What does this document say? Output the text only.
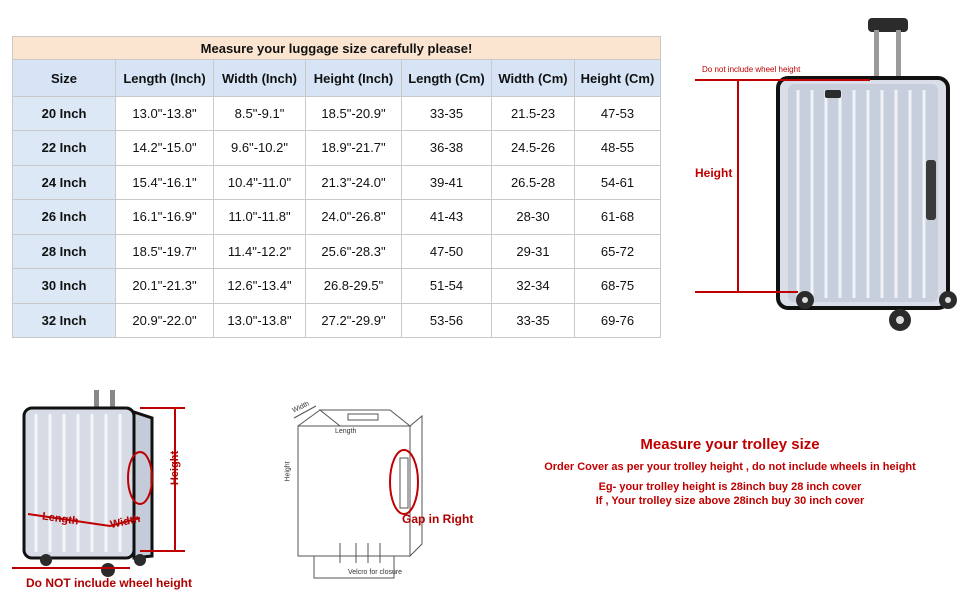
Measure your luggage size carefully please!						
Size	Length (Inch)	Width (Inch)	Height (Inch)	Length (Cm)	Width (Cm)	Height (Cm)
20 Inch	13.0"-13.8"	8.5"-9.1"	18.5"-20.9"	33-35	21.5-23	47-53
22 Inch	14.2"-15.0"	9.6"-10.2"	18.9"-21.7"	36-38	24.5-26	48-55
24 Inch	15.4"-16.1"	10.4"-11.0"	21.3"-24.0"	39-41	26.5-28	54-61
26 Inch	16.1"-16.9"	11.0"-11.8"	24.0"-26.8"	41-43	28-30	61-68
28 Inch	18.5"-19.7"	11.4"-12.2"	25.6"-28.3"	47-50	29-31	65-72
30 Inch	20.1"-21.3"	12.6"-13.4"	26.8-29.5"	51-54	32-34	68-75
32 Inch	20.9"-22.0"	13.0"-13.8"	27.2"-29.9"	53-56	33-35	69-76
Do not include wheel height
Height
Length	Width
Height
Do NOT include wheel height
Width
Length
Height
Gap in Right
Velcro for closure
Measure your trolley size
Order Cover as per your trolley height , do not include wheels in height
Eg- your trolley height is 28inch buy 28 inch cover
If , Your trolley size above 28inch buy 30 inch cover
